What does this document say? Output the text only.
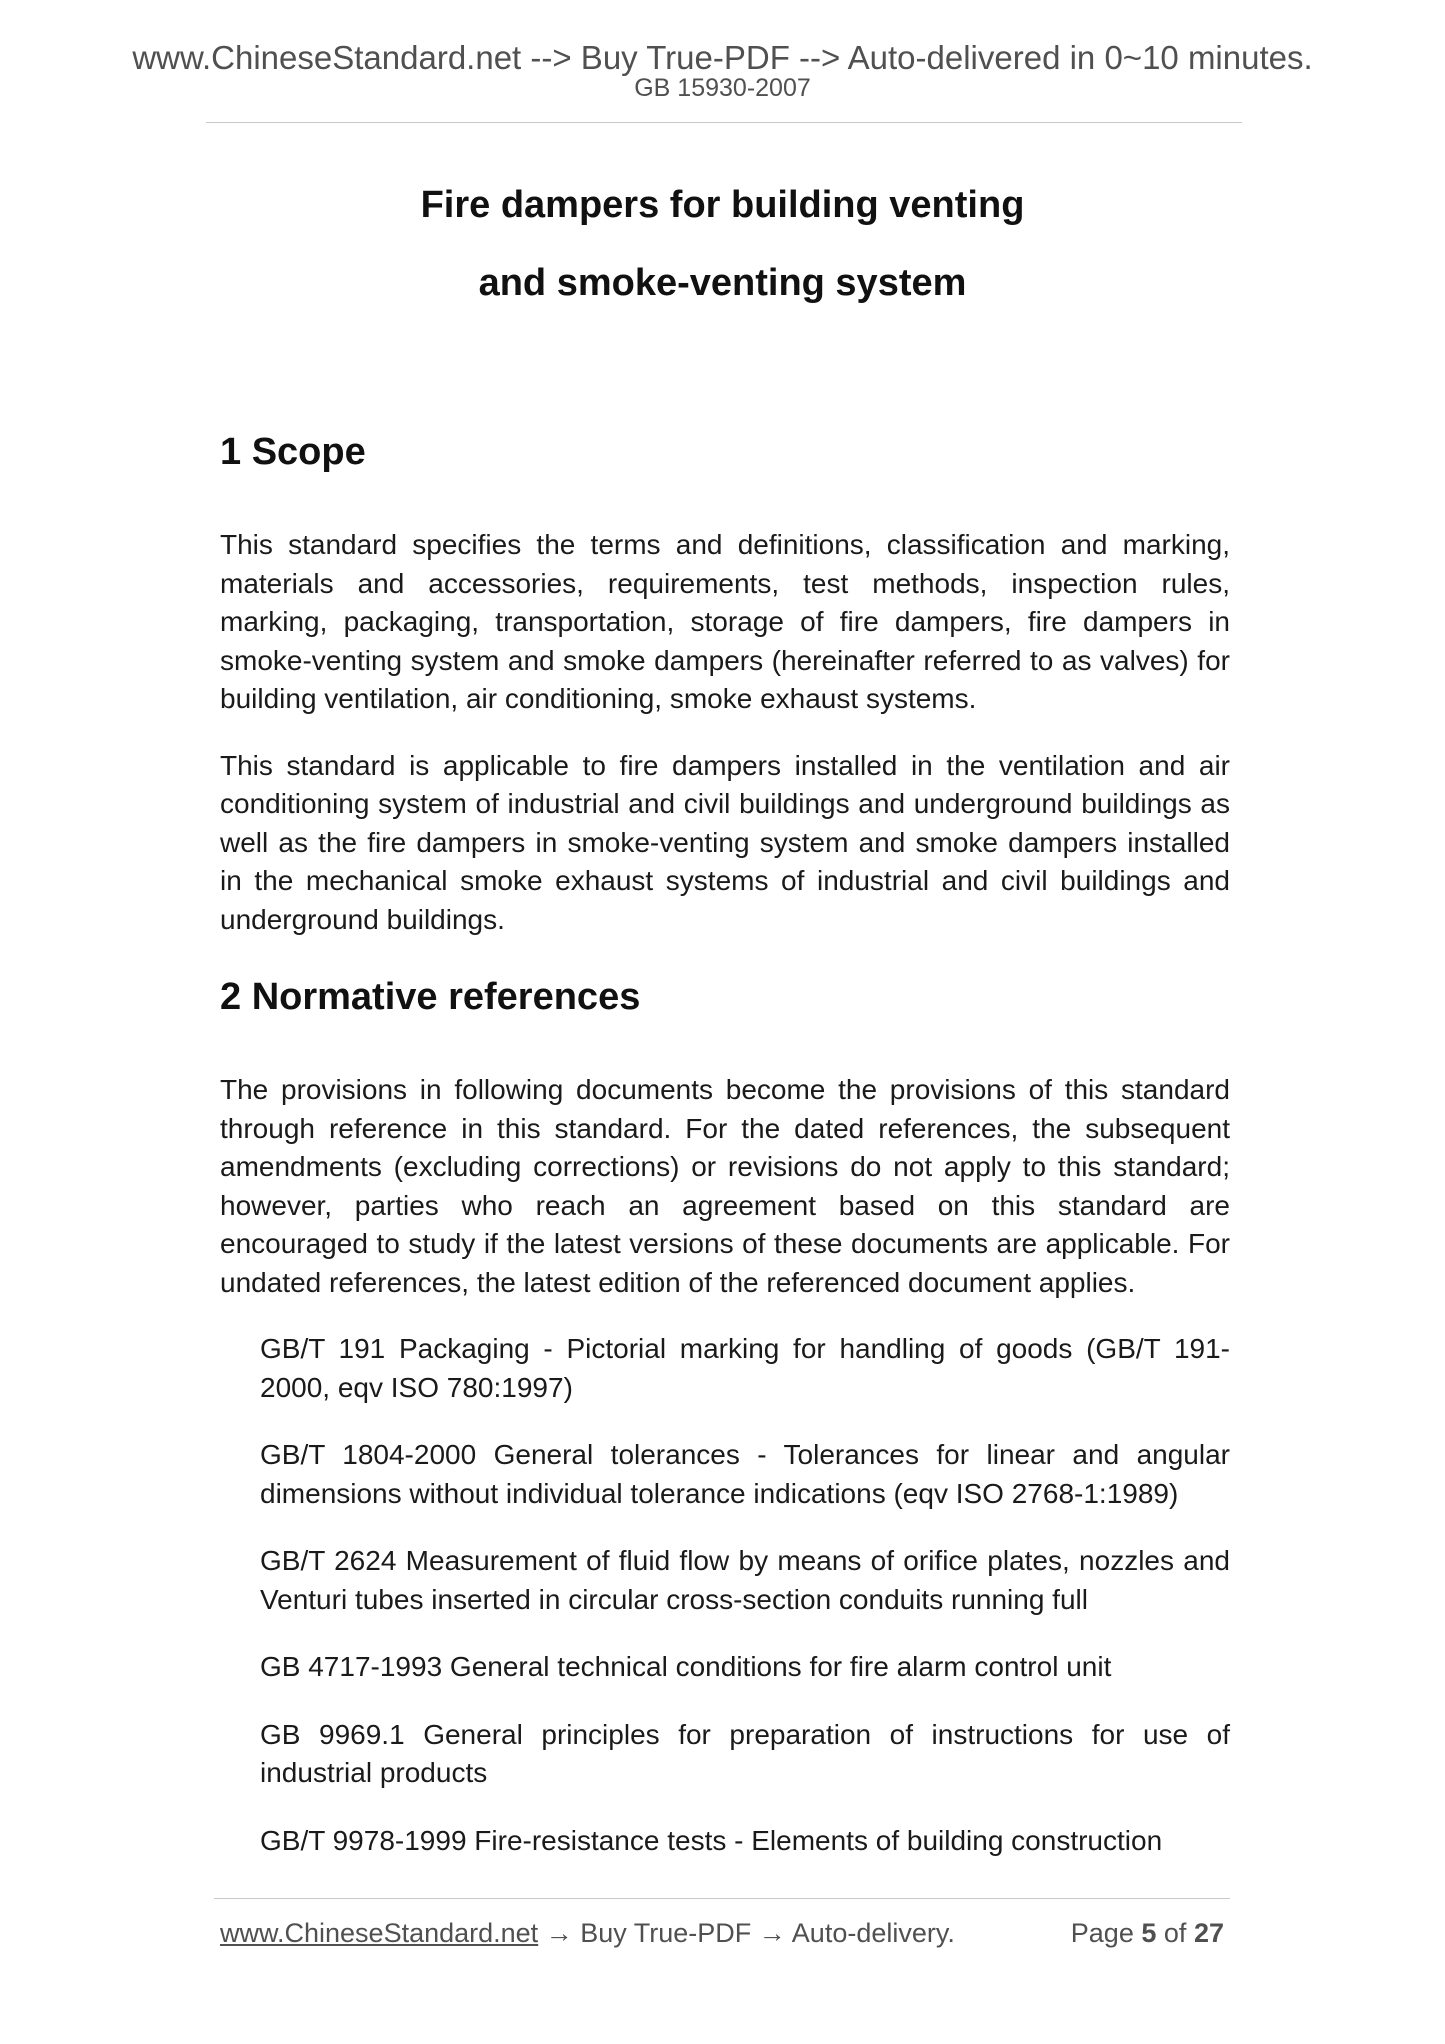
www.ChineseStandard.net --> Buy True-PDF --> Auto-delivered in 0~10 minutes.
GB 15930-2007
Fire dampers for building venting
and smoke-venting system
1 Scope

This standard specifies the terms and definitions, classification and marking, materials and accessories, requirements, test methods, inspection rules, marking, packaging, transportation, storage of fire dampers, fire dampers in smoke-venting system and smoke dampers (hereinafter referred to as valves) for building ventilation, air conditioning, smoke exhaust systems.

This standard is applicable to fire dampers installed in the ventilation and air conditioning system of industrial and civil buildings and underground buildings as well as the fire dampers in smoke-venting system and smoke dampers installed in the mechanical smoke exhaust systems of industrial and civil buildings and underground buildings.

2 Normative references

The provisions in following documents become the provisions of this standard through reference in this standard. For the dated references, the subsequent amendments (excluding corrections) or revisions do not apply to this standard; however, parties who reach an agreement based on this standard are encouraged to study if the latest versions of these documents are applicable. For undated references, the latest edition of the referenced document applies.

GB/T 191 Packaging - Pictorial marking for handling of goods (GB/T 191-2000, eqv ISO 780:1997)
GB/T 1804-2000 General tolerances - Tolerances for linear and angular dimensions without individual tolerance indications (eqv ISO 2768-1:1989)
GB/T 2624 Measurement of fluid flow by means of orifice plates, nozzles and Venturi tubes inserted in circular cross-section conduits running full
GB 4717-1993 General technical conditions for fire alarm control unit
GB 9969.1 General principles for preparation of instructions for use of industrial products
GB/T 9978-1999 Fire-resistance tests - Elements of building construction
www.ChineseStandard.net → Buy True-PDF → Auto-delivery.	Page 5 of 27
